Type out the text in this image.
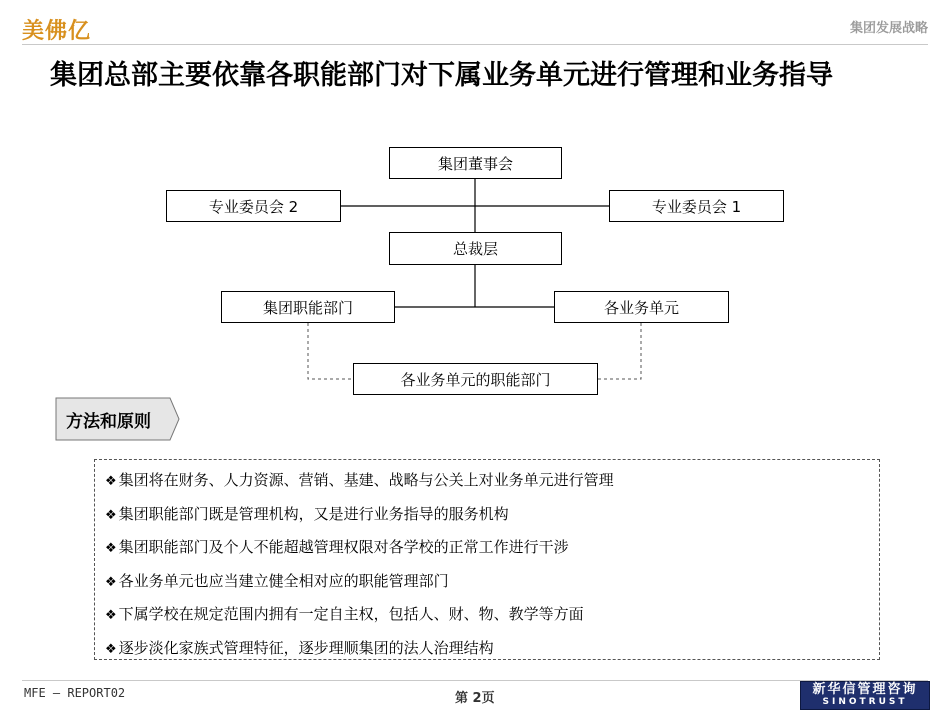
美佛亿	集团发展战略
集团总部主要依靠各职能部门对下属业务单元进行管理和业务指导
集团董事会
专业委员会 2	专业委员会 1
总裁层
集团职能部门	各业务单元
各业务单元的职能部门
方法和原则
❖ 集团将在财务、人力资源、营销、基建、战略与公关上对业务单元进行管理
❖ 集团职能部门既是管理机构，又是进行业务指导的服务机构
❖ 集团职能部门及个人不能超越管理权限对各学校的正常工作进行干涉
❖ 各业务单元也应当建立健全相对应的职能管理部门
❖ 下属学校在规定范围内拥有一定自主权，包括人、财、物、教学等方面
❖ 逐步淡化家族式管理特征，逐步理顺集团的法人治理结构
MFE — REPORT02	第 2页
新华信管理咨询
SINOTRUST
